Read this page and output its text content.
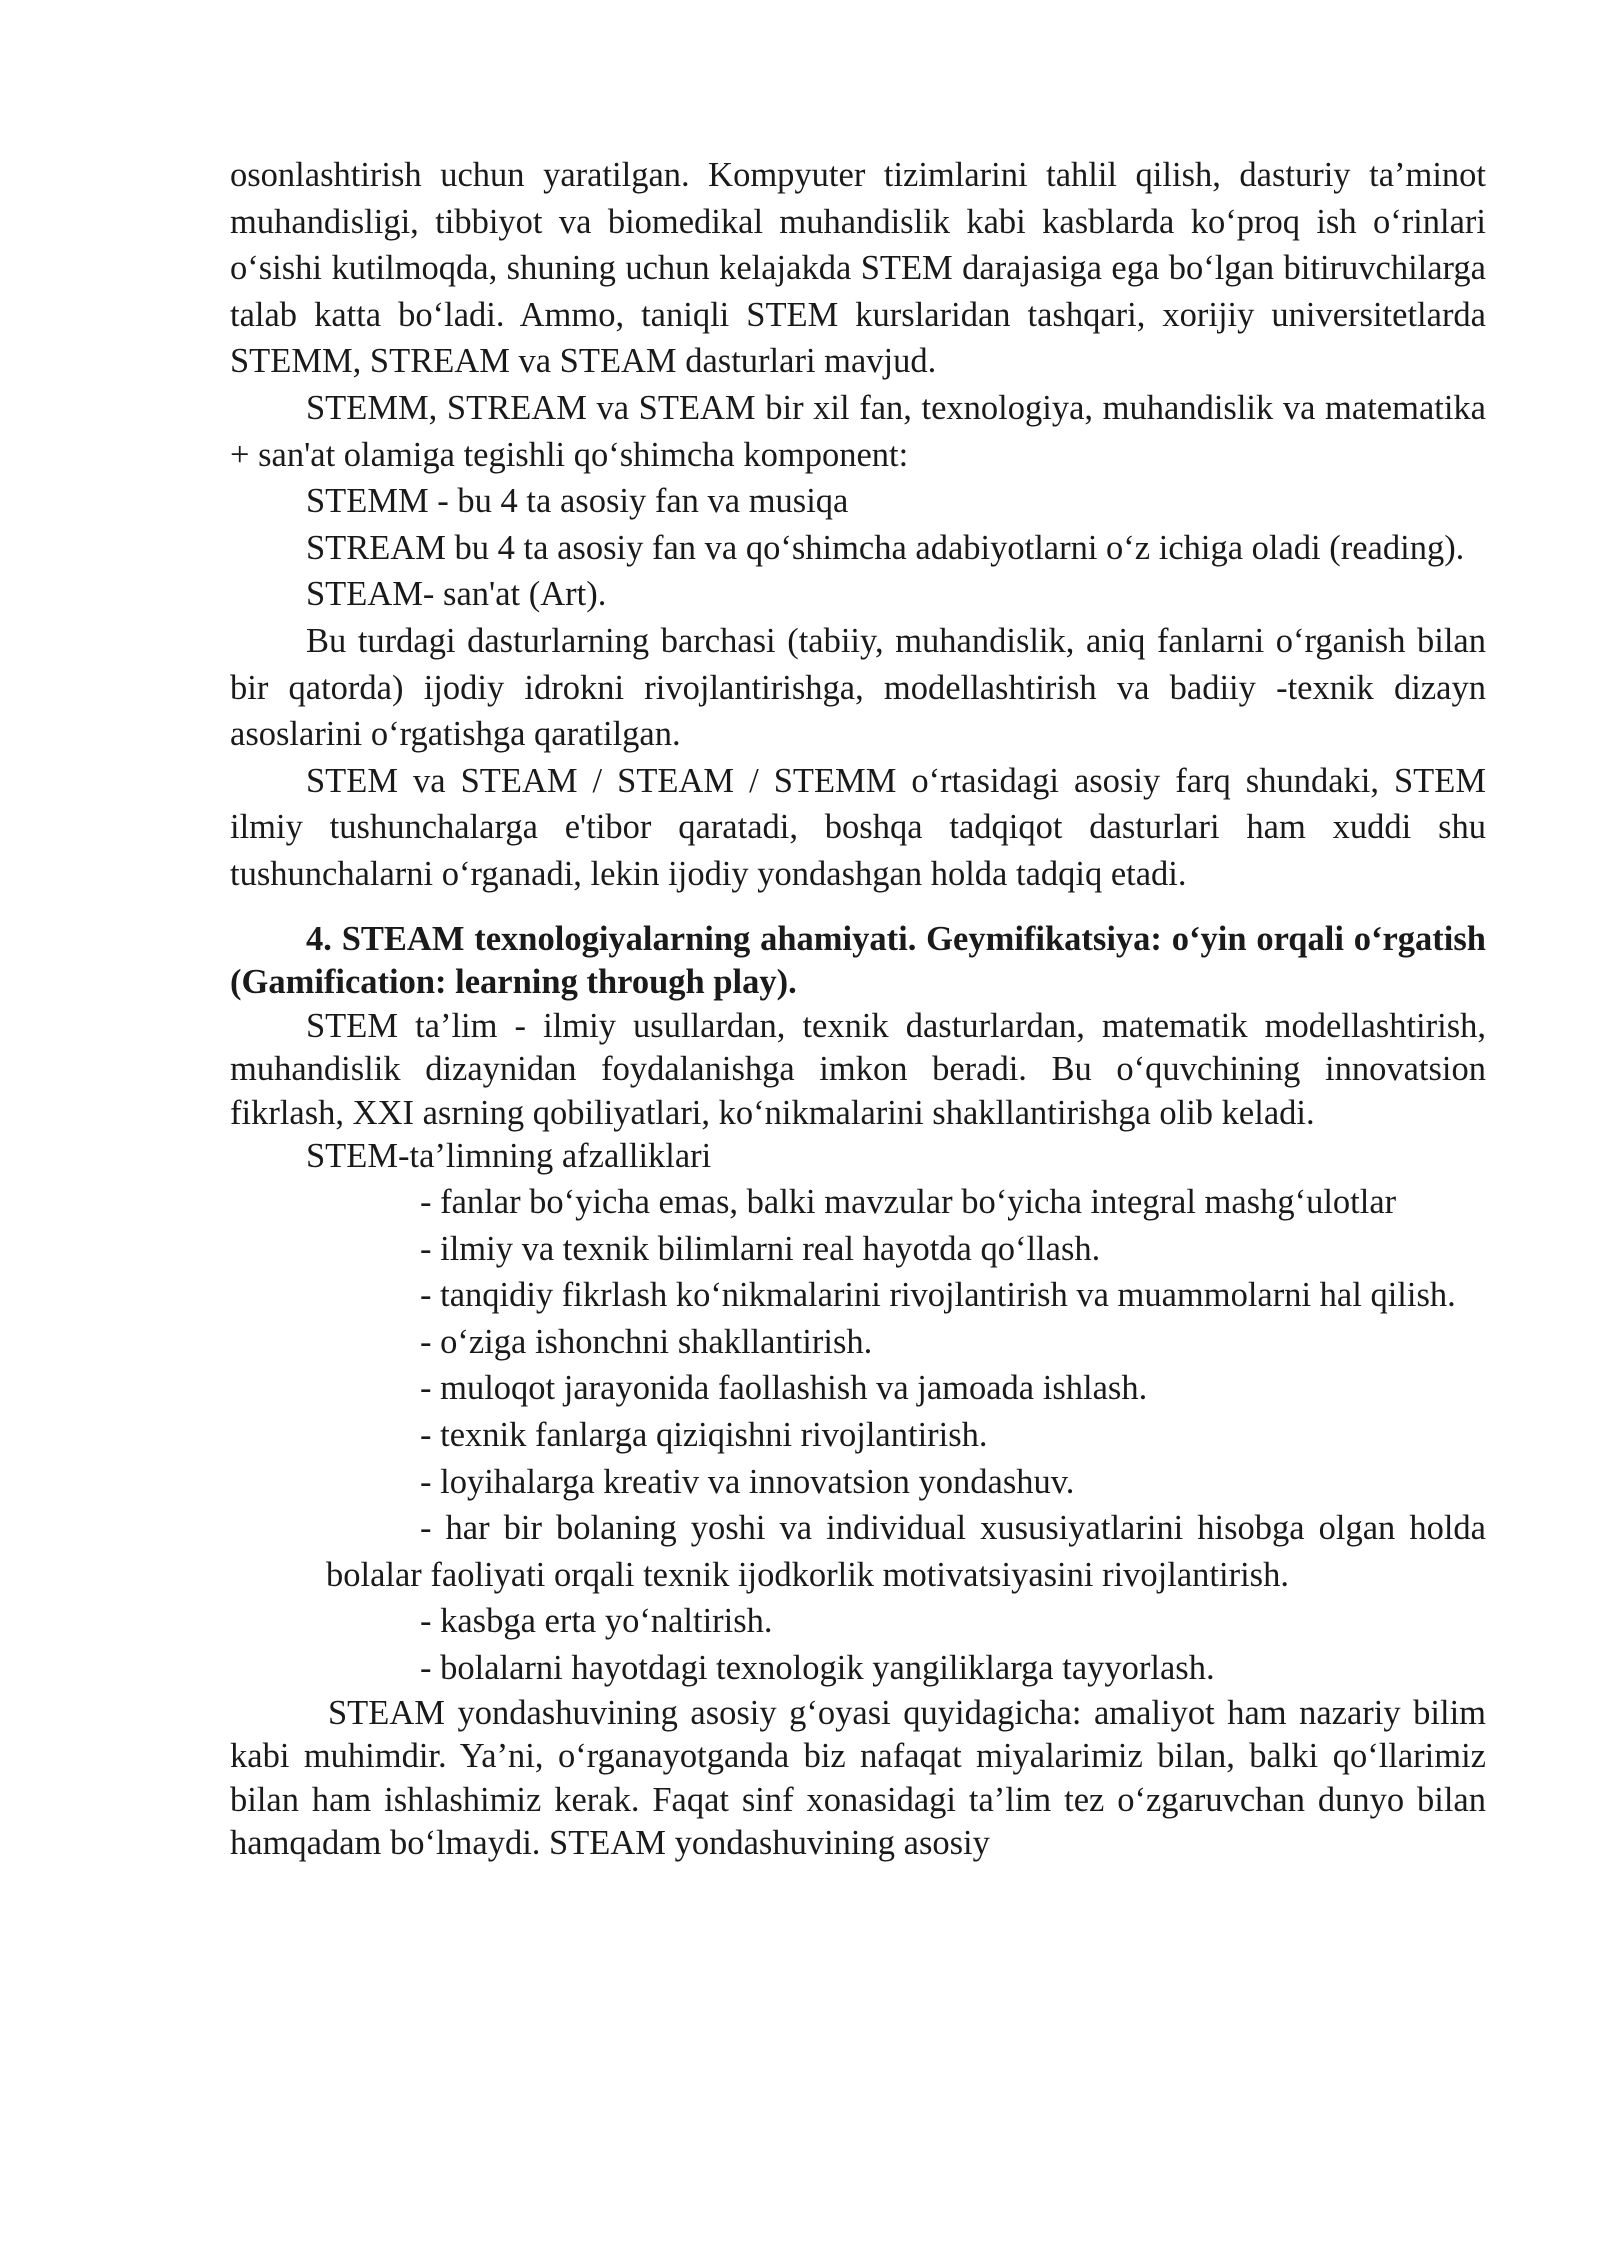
osonlashtirish uchun yaratilgan. Kompyuter tizimlarini tahlil qilish, dasturiy ta’minot muhandisligi, tibbiyot va biomedikal muhandislik kabi kasblarda ko‘proq ish o‘rinlari o‘sishi kutilmoqda, shuning uchun kelajakda STEM darajasiga ega bo‘lgan bitiruvchilarga talab katta bo‘ladi. Ammo, taniqli STEM kurslaridan tashqari, xorijiy universitetlarda STEMM, STREAM va STEAM dasturlari mavjud.

STEMM, STREAM va STEAM bir xil fan, texnologiya, muhandislik va matematika + san'at olamiga tegishli qo‘shimcha komponent:

STEMM - bu 4 ta asosiy fan va musiqa

STREAM bu 4 ta asosiy fan va qo‘shimcha adabiyotlarni o‘z ichiga oladi (reading).

STEAM- san'at (Art).

Bu turdagi dasturlarning barchasi (tabiiy, muhandislik, aniq fanlarni o‘rganish bilan bir qatorda) ijodiy idrokni rivojlantirishga, modellashtirish va badiiy -texnik dizayn asoslarini o‘rgatishga qaratilgan.

STEM va STEAM / STEAM / STEMM o‘rtasidagi asosiy farq shundaki, STEM ilmiy tushunchalarga e'tibor qaratadi, boshqa tadqiqot dasturlari ham xuddi shu tushunchalarni o‘rganadi, lekin ijodiy yondashgan holda tadqiq etadi.

4. STEAM texnologiyalarning ahamiyati. Geymifikatsiya: o‘yin orqali o‘rgatish (Gamification: learning through play).

STEM ta’lim - ilmiy usullardan, texnik dasturlardan, matematik modellashtirish, muhandislik dizaynidan foydalanishga imkon beradi. Bu o‘quvchining innovatsion fikrlash, XXI asrning qobiliyatlari, ko‘nikmalarini shakllantirishga olib keladi.

STEM-ta’limning afzalliklari

- fanlar bo‘yicha emas, balki mavzular bo‘yicha integral mashg‘ulotlar

- ilmiy va texnik bilimlarni real hayotda qo‘llash.

- tanqidiy fikrlash ko‘nikmalarini rivojlantirish va muammolarni hal qilish.

- o‘ziga ishonchni shakllantirish.

- muloqot jarayonida faollashish va jamoada ishlash.

- texnik fanlarga qiziqishni rivojlantirish.

- loyihalarga kreativ va innovatsion yondashuv.

- har bir bolaning yoshi va individual xususiyatlarini hisobga olgan holda bolalar faoliyati orqali texnik ijodkorlik motivatsiyasini rivojlantirish.

- kasbga erta yo‘naltirish.

- bolalarni hayotdagi texnologik yangiliklarga tayyorlash.

STEAM yondashuvining asosiy g‘oyasi quyidagicha: amaliyot ham nazariy bilim kabi muhimdir. Ya’ni, o‘rganayotganda biz nafaqat miyalarimiz bilan, balki qo‘llarimiz bilan ham ishlashimiz kerak. Faqat sinf xonasidagi ta’lim tez o‘zgaruvchan dunyo bilan hamqadam bo‘lmaydi. STEAM yondashuvining asosiy
